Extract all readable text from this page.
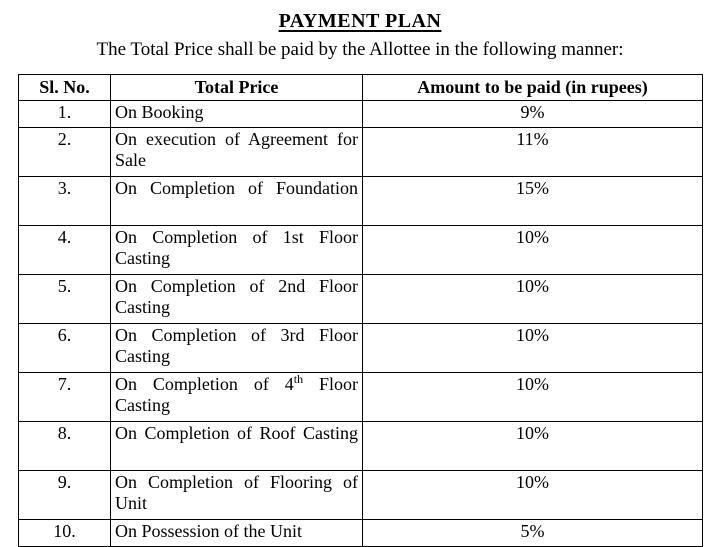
PAYMENT PLAN

The Total Price shall be paid by the Allottee in the following manner:

Sl. No.	Total Price	Amount to be paid (in rupees)
1.	On Booking	9%
2.	On execution of Agreement for Sale	11%
3.	On Completion of Foundation	15%
4.	On Completion of 1st Floor Casting	10%
5.	On Completion of 2nd Floor Casting	10%
6.	On Completion of 3rd Floor Casting	10%
7.	On Completion of 4th Floor Casting	10%
8.	On Completion of Roof Casting	10%
9.	On Completion of Flooring of Unit	10%
10.	On Possession of the Unit	5%
